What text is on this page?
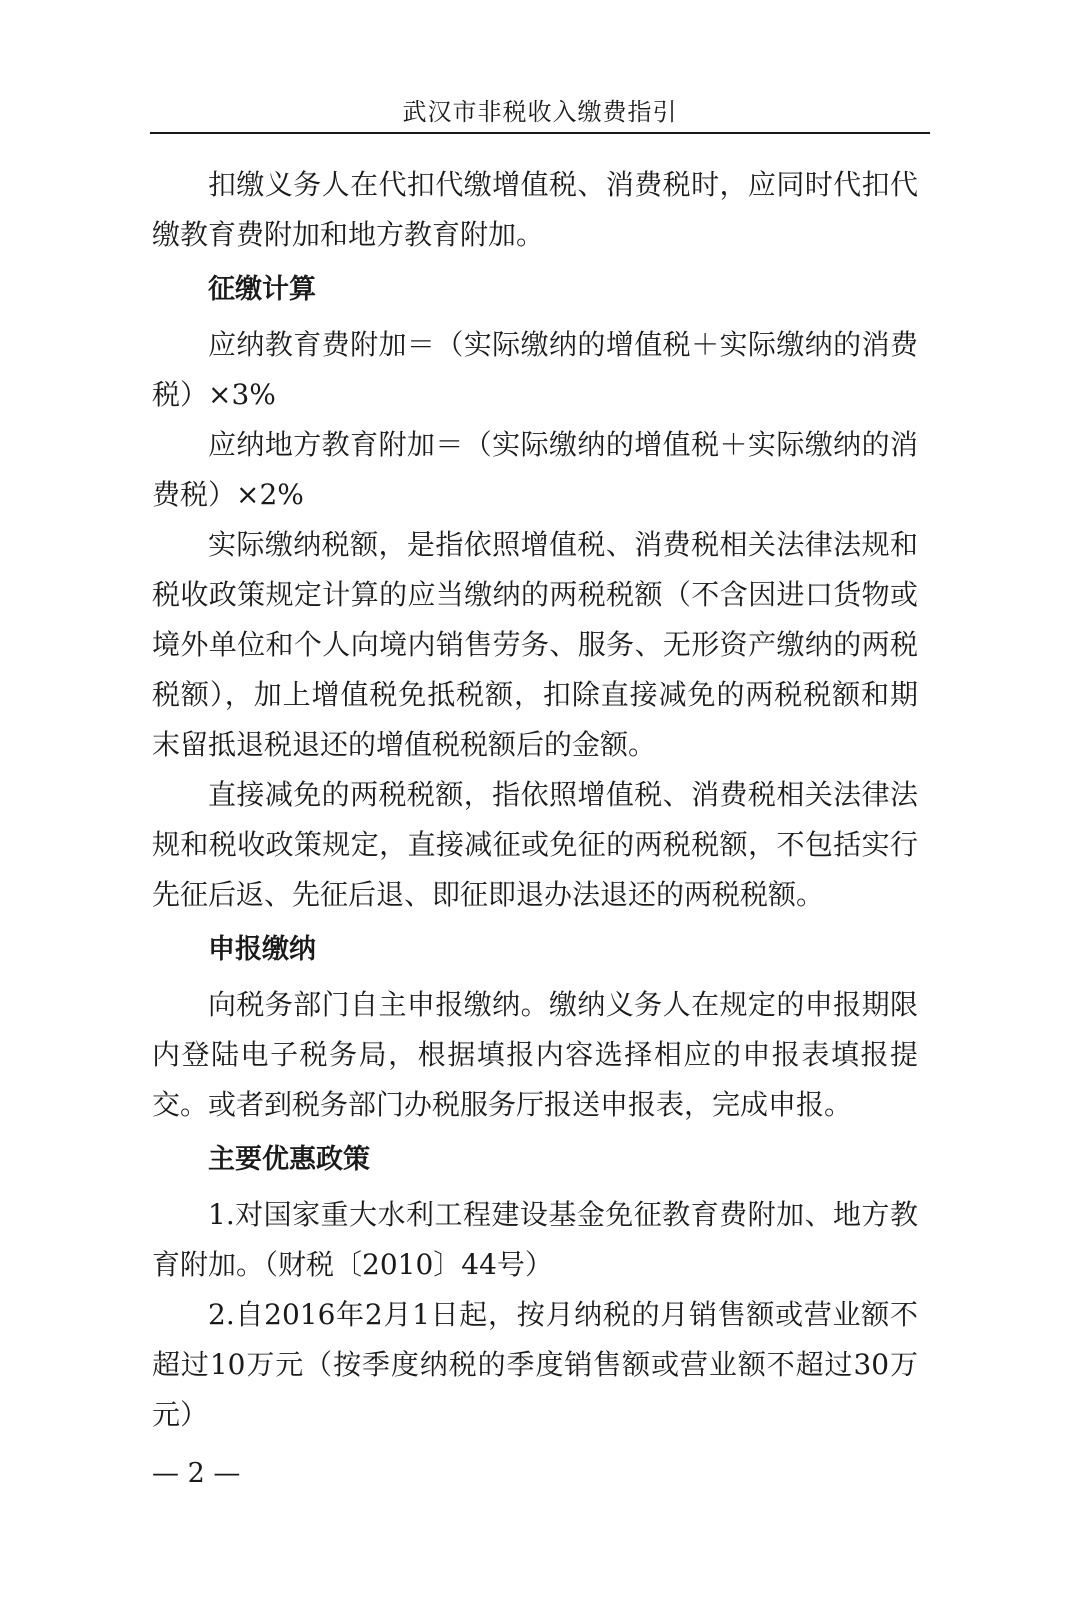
武汉市非税收入缴费指引

扣缴义务人在代扣代缴增值税、消费税时，应同时代扣代缴教育费附加和地方教育附加。

征缴计算

应纳教育费附加＝（实际缴纳的增值税＋实际缴纳的消费税）×3%

应纳地方教育附加＝（实际缴纳的增值税＋实际缴纳的消费税）×2%

实际缴纳税额，是指依照增值税、消费税相关法律法规和税收政策规定计算的应当缴纳的两税税额（不含因进口货物或境外单位和个人向境内销售劳务、服务、无形资产缴纳的两税税额），加上增值税免抵税额，扣除直接减免的两税税额和期末留抵退税退还的增值税税额后的金额。

直接减免的两税税额，指依照增值税、消费税相关法律法规和税收政策规定，直接减征或免征的两税税额，不包括实行先征后返、先征后退、即征即退办法退还的两税税额。

申报缴纳

向税务部门自主申报缴纳。缴纳义务人在规定的申报期限内登陆电子税务局，根据填报内容选择相应的申报表填报提交。或者到税务部门办税服务厅报送申报表，完成申报。

主要优惠政策

1.对国家重大水利工程建设基金免征教育费附加、地方教育附加。（财税〔2010〕44号）

2.自2016年2月1日起，按月纳税的月销售额或营业额不超过10万元（按季度纳税的季度销售额或营业额不超过30万元）

— 2 —
